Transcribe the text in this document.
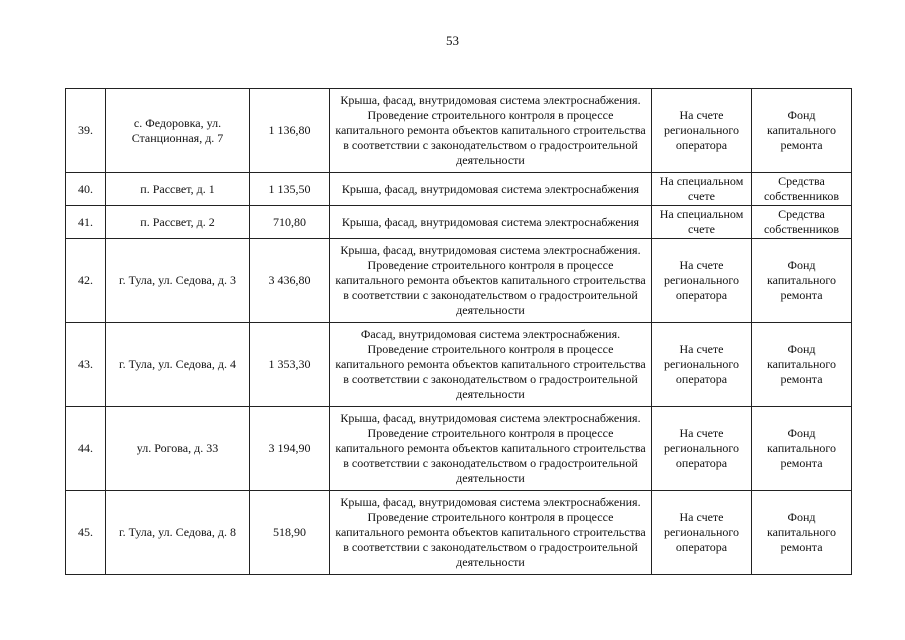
53
39.	с. Федоровка, ул. Станционная, д. 7	1 136,80	Крыша, фасад, внутридомовая система электроснабжения. Проведение строительного контроля в процессе капитального ремонта объектов капитального строительства в соответствии с законодательством о градостроительной деятельности	На счете регионального оператора	Фонд капитального ремонта
40.	п. Рассвет, д. 1	1 135,50	Крыша, фасад, внутридомовая система электроснабжения	На специальном счете	Средства собственников
41.	п. Рассвет, д. 2	710,80	Крыша, фасад, внутридомовая система электроснабжения	На специальном счете	Средства собственников
42.	г. Тула, ул. Седова, д. 3	3 436,80	Крыша, фасад, внутридомовая система электроснабжения. Проведение строительного контроля в процессе капитального ремонта объектов капитального строительства в соответствии с законодательством о градостроительной деятельности	На счете регионального оператора	Фонд капитального ремонта
43.	г. Тула, ул. Седова, д. 4	1 353,30	Фасад, внутридомовая система электроснабжения. Проведение строительного контроля в процессе капитального ремонта объектов капитального строительства в соответствии с законодательством о градостроительной деятельности	На счете регионального оператора	Фонд капитального ремонта
44.	ул. Рогова, д. 33	3 194,90	Крыша, фасад, внутридомовая система электроснабжения. Проведение строительного контроля в процессе капитального ремонта объектов капитального строительства в соответствии с законодательством о градостроительной деятельности	На счете регионального оператора	Фонд капитального ремонта
45.	г. Тула, ул. Седова, д. 8	518,90	Крыша, фасад, внутридомовая система электроснабжения. Проведение строительного контроля в процессе капитального ремонта объектов капитального строительства в соответствии с законодательством о градостроительной деятельности	На счете регионального оператора	Фонд капитального ремонта
